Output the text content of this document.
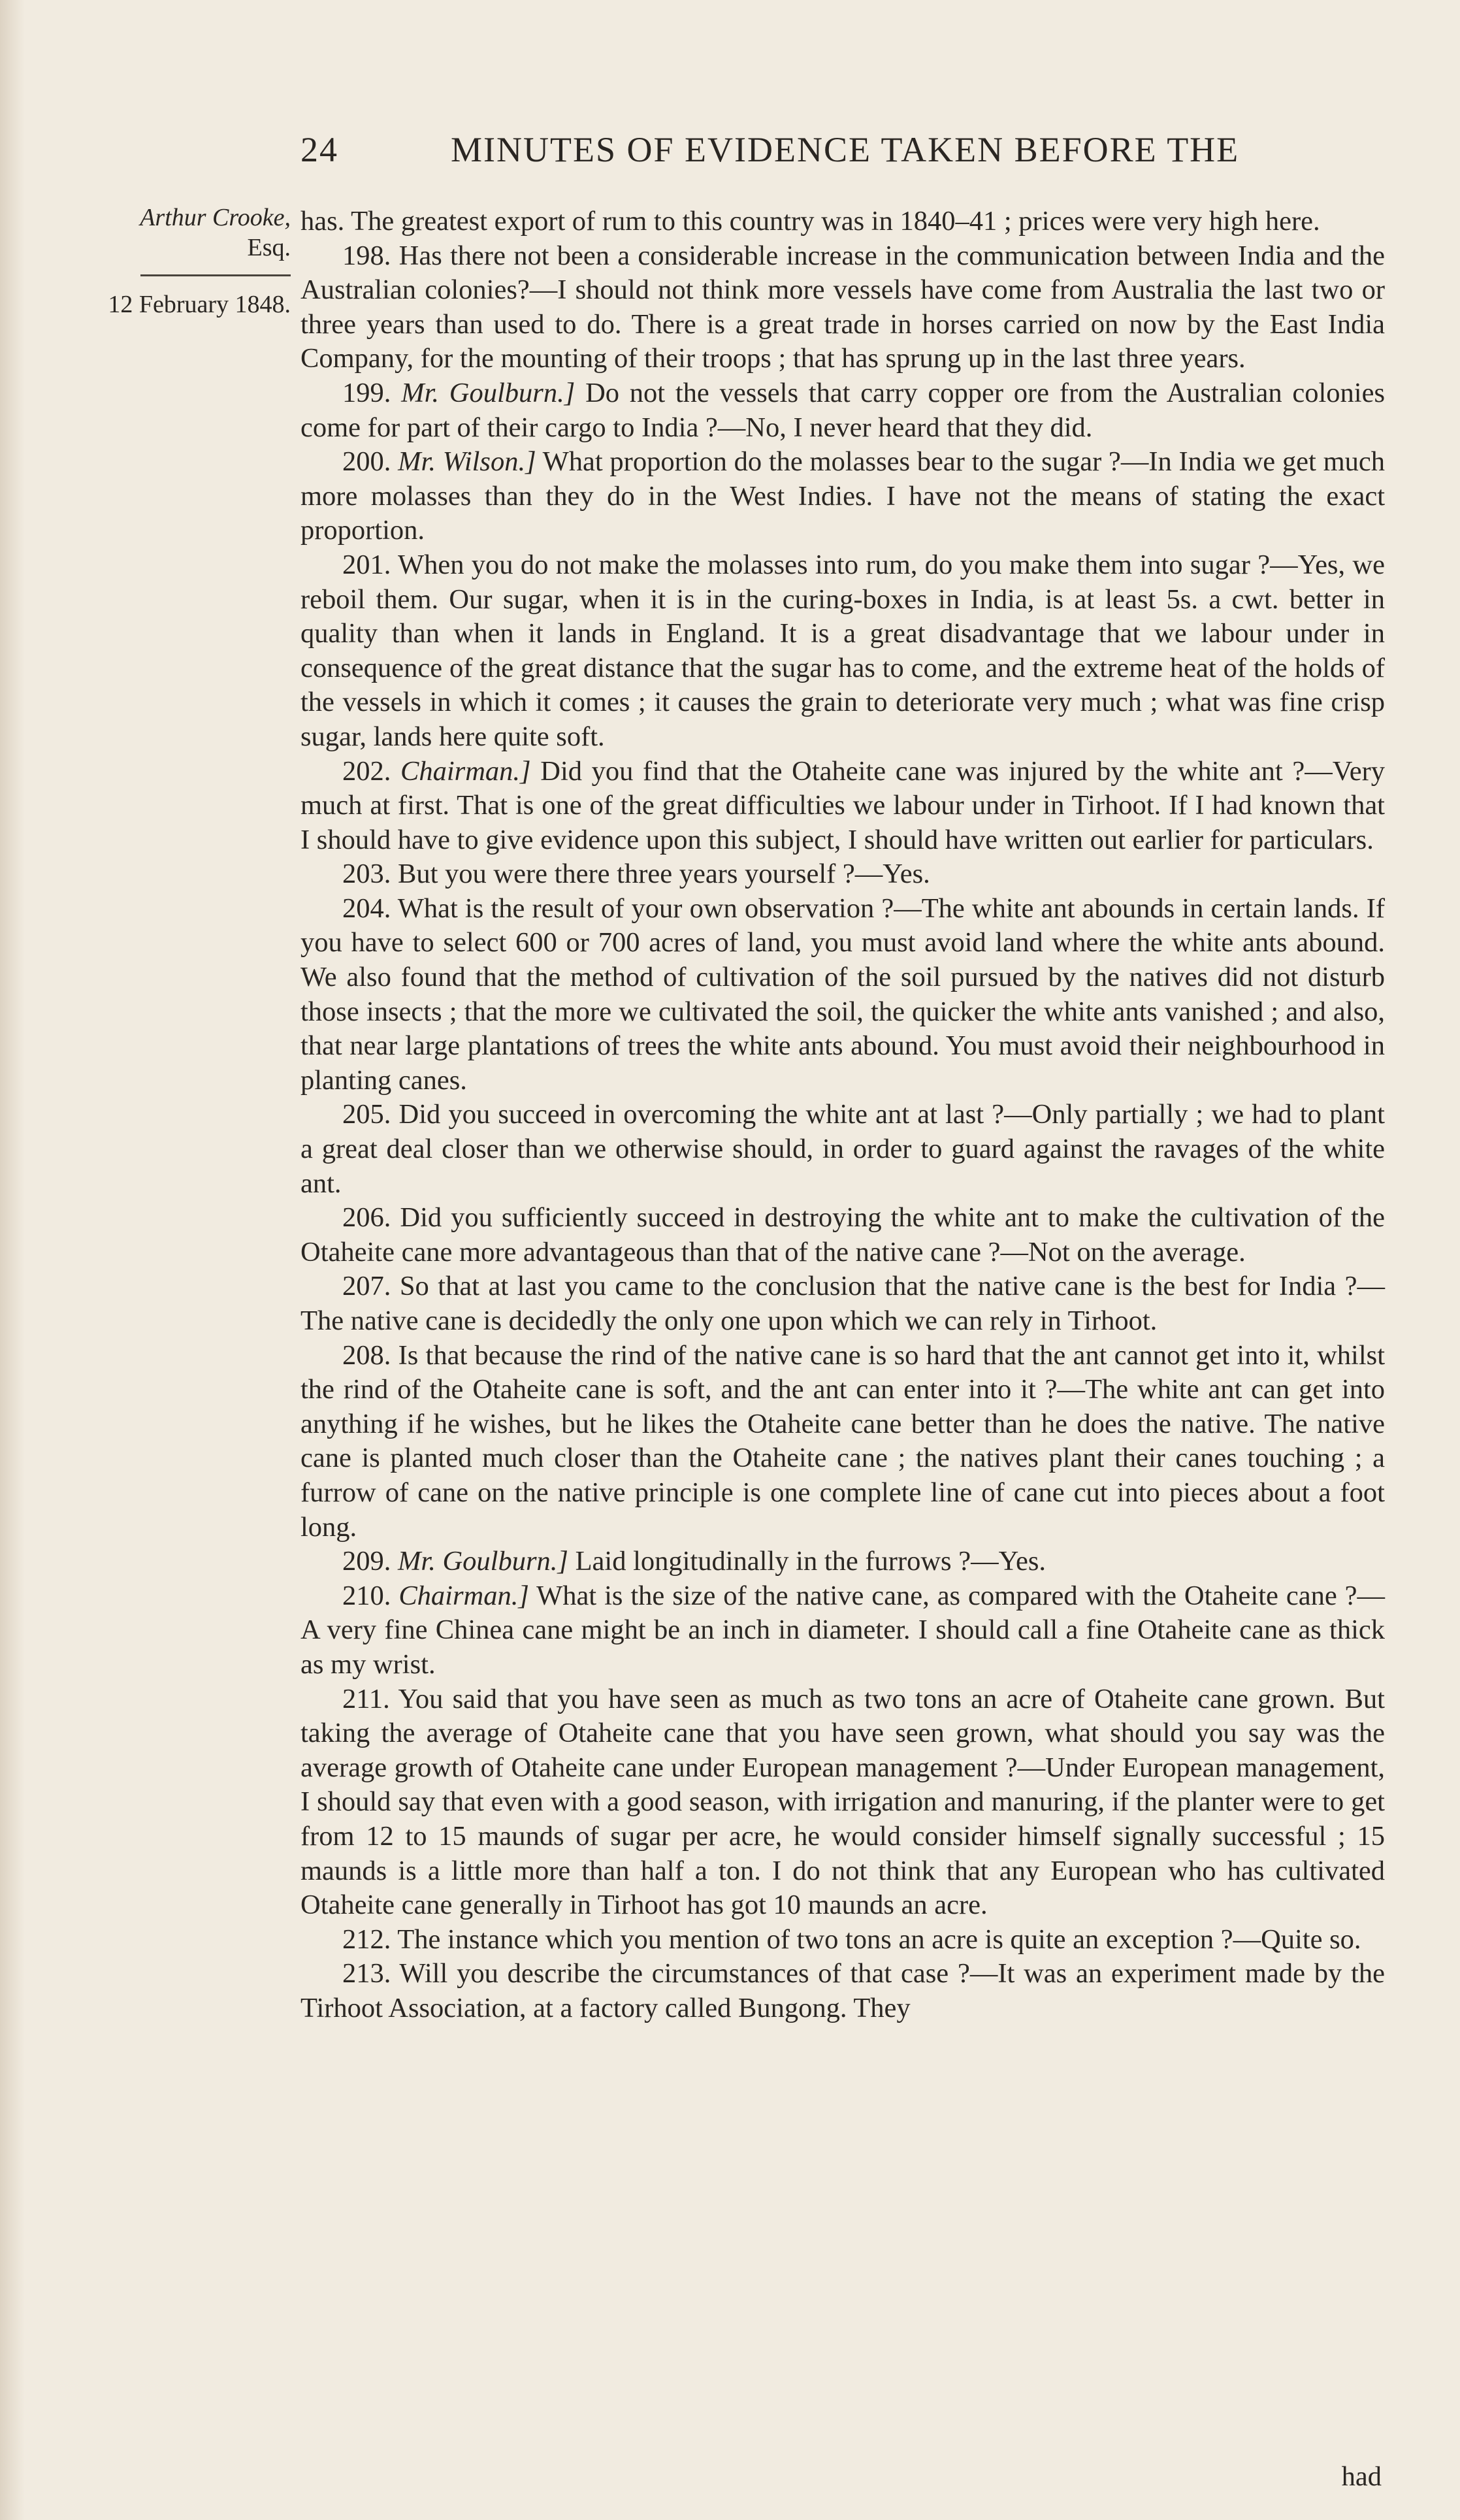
24	MINUTES OF EVIDENCE TAKEN BEFORE THE
Arthur Crooke,
Esq.
12 February 1848.

has. The greatest export of rum to this country was in 1840–41 ; prices were very high here.

198. Has there not been a considerable increase in the communication between India and the Australian colonies?—I should not think more vessels have come from Australia the last two or three years than used to do. There is a great trade in horses carried on now by the East India Company, for the mounting of their troops ; that has sprung up in the last three years.

199. Mr. Goulburn.] Do not the vessels that carry copper ore from the Australian colonies come for part of their cargo to India ?—No, I never heard that they did.

200. Mr. Wilson.] What proportion do the molasses bear to the sugar ?—In India we get much more molasses than they do in the West Indies. I have not the means of stating the exact proportion.

201. When you do not make the molasses into rum, do you make them into sugar ?—Yes, we reboil them. Our sugar, when it is in the curing-boxes in India, is at least 5s. a cwt. better in quality than when it lands in England. It is a great disadvantage that we labour under in consequence of the great distance that the sugar has to come, and the extreme heat of the holds of the vessels in which it comes ; it causes the grain to deteriorate very much ; what was fine crisp sugar, lands here quite soft.

202. Chairman.] Did you find that the Otaheite cane was injured by the white ant ?—Very much at first. That is one of the great difficulties we labour under in Tirhoot. If I had known that I should have to give evidence upon this subject, I should have written out earlier for particulars.

203. But you were there three years yourself ?—Yes.

204. What is the result of your own observation ?—The white ant abounds in certain lands. If you have to select 600 or 700 acres of land, you must avoid land where the white ants abound. We also found that the method of cultivation of the soil pursued by the natives did not disturb those insects ; that the more we cultivated the soil, the quicker the white ants vanished ; and also, that near large plantations of trees the white ants abound. You must avoid their neighbourhood in planting canes.

205. Did you succeed in overcoming the white ant at last ?—Only partially ; we had to plant a great deal closer than we otherwise should, in order to guard against the ravages of the white ant.

206. Did you sufficiently succeed in destroying the white ant to make the cultivation of the Otaheite cane more advantageous than that of the native cane ?—Not on the average.

207. So that at last you came to the conclusion that the native cane is the best for India ?—The native cane is decidedly the only one upon which we can rely in Tirhoot.

208. Is that because the rind of the native cane is so hard that the ant cannot get into it, whilst the rind of the Otaheite cane is soft, and the ant can enter into it ?—The white ant can get into anything if he wishes, but he likes the Otaheite cane better than he does the native. The native cane is planted much closer than the Otaheite cane ; the natives plant their canes touching ; a furrow of cane on the native principle is one complete line of cane cut into pieces about a foot long.

209. Mr. Goulburn.] Laid longitudinally in the furrows ?—Yes.

210. Chairman.] What is the size of the native cane, as compared with the Otaheite cane ?—A very fine Chinea cane might be an inch in diameter. I should call a fine Otaheite cane as thick as my wrist.

211. You said that you have seen as much as two tons an acre of Otaheite cane grown. But taking the average of Otaheite cane that you have seen grown, what should you say was the average growth of Otaheite cane under European management ?—Under European management, I should say that even with a good season, with irrigation and manuring, if the planter were to get from 12 to 15 maunds of sugar per acre, he would consider himself signally successful ; 15 maunds is a little more than half a ton. I do not think that any European who has cultivated Otaheite cane generally in Tirhoot has got 10 maunds an acre.

212. The instance which you mention of two tons an acre is quite an exception ?—Quite so.

213. Will you describe the circumstances of that case ?—It was an experiment made by the Tirhoot Association, at a factory called Bungong. They

had
